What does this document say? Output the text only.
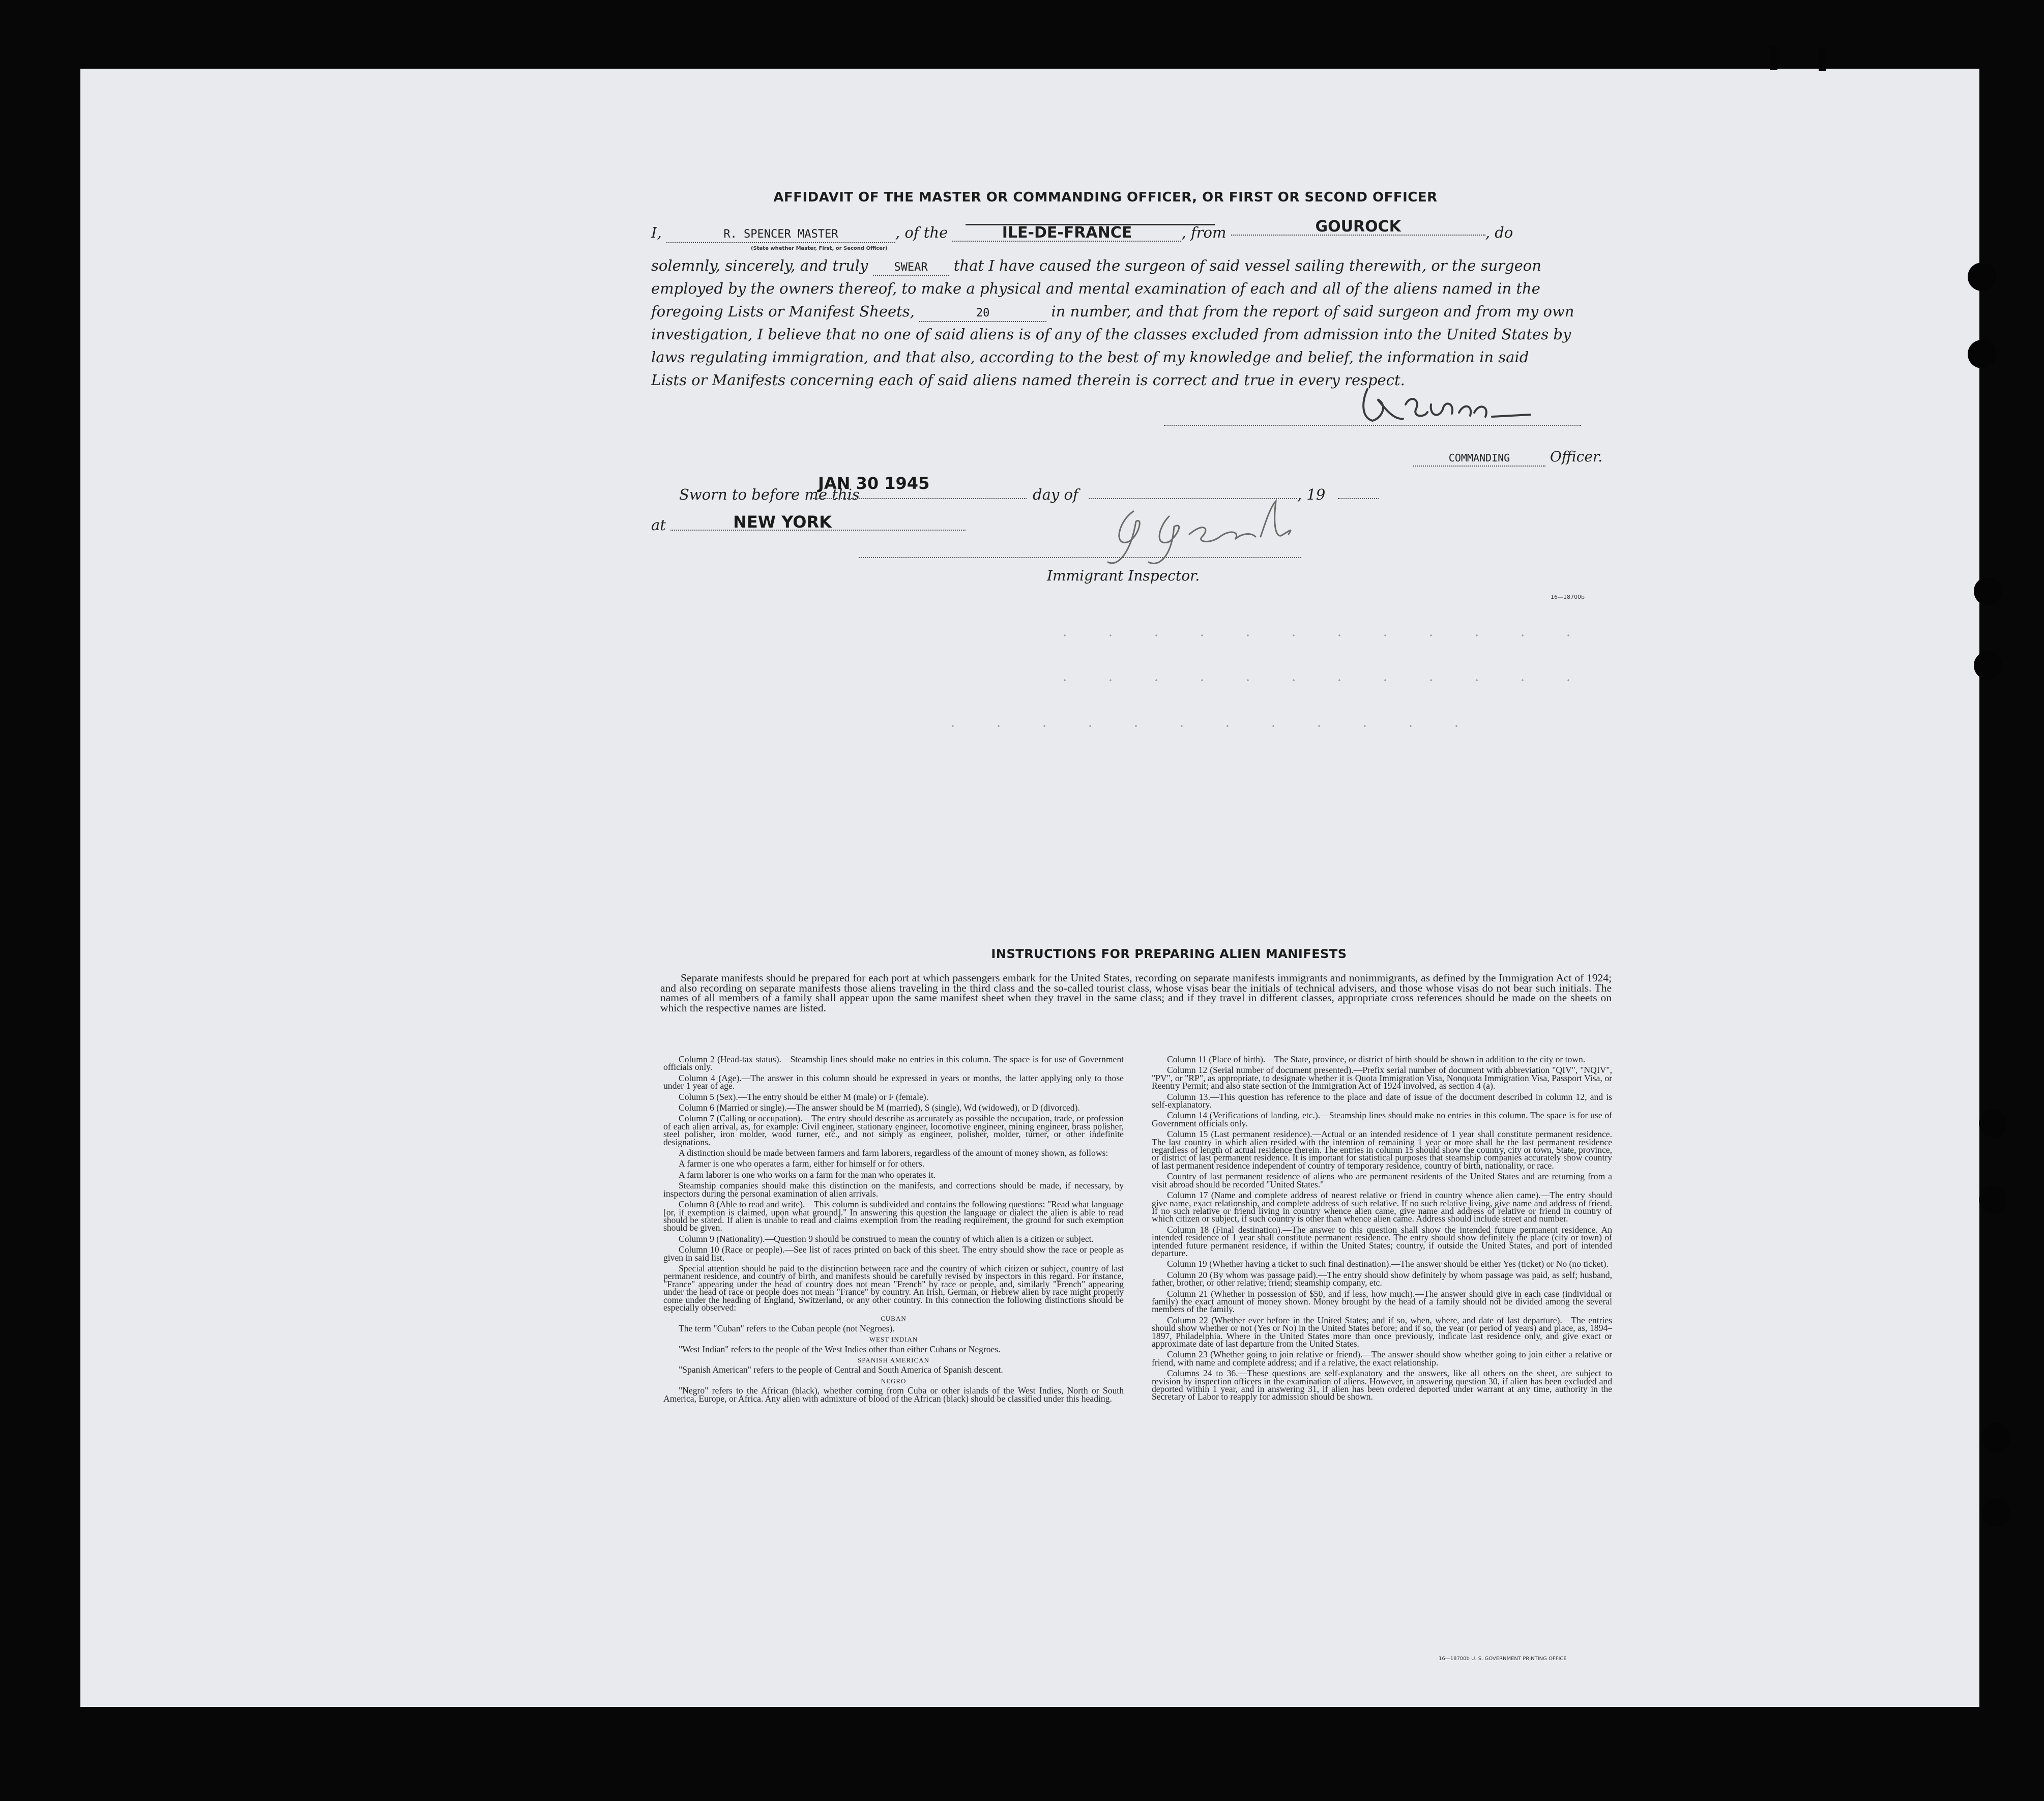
AFFIDAVIT OF THE MASTER OR COMMANDING OFFICER, OR FIRST OR SECOND OFFICER
I,	R. SPENCER MASTER	, of the	ILE-DE-FRANCE	, from	GOUROCK	, do
(State whether Master, First, or Second Officer)
solemnly, sincerely, and truly SWEAR that I have caused the surgeon of said vessel sailing therewith, or the surgeon
employed by the owners thereof, to make a physical and mental examination of each and all of the aliens named in the
foregoing Lists or Manifest Sheets,	20	in number, and that from the report of said surgeon and from my own
investigation, I believe that no one of said aliens is of any of the classes excluded from admission into the United States by
laws regulating immigration, and that also, according to the best of my knowledge and belief, the information in said
Lists or Manifests concerning each of said aliens named therein is correct and true in every respect.
COMMANDING	Officer.
Sworn to before me this
JAN 30 1945
day of	, 19
at	NEW YORK
Immigrant Inspector.
16—18700b
INSTRUCTIONS FOR PREPARING ALIEN MANIFESTS
Separate manifests should be prepared for each port at which passengers embark for the United States, recording on separate manifests immigrants and nonimmigrants, as defined by the Immigration Act of 1924; and also recording on separate manifests those aliens traveling in the third class and the so-called tourist class, whose visas bear the initials of technical advisers, and those whose visas do not bear such initials. The names of all members of a family shall appear upon the same manifest sheet when they travel in the same class; and if they travel in different classes, appropriate cross references should be made on the sheets on which the respective names are listed.

Column 2 (Head-tax status).—Steamship lines should make no entries in this column. The space is for use of Government officials only.

Column 4 (Age).—The answer in this column should be expressed in years or months, the latter applying only to those under 1 year of age.

Column 5 (Sex).—The entry should be either M (male) or F (female).

Column 6 (Married or single).—The answer should be M (married), S (single), Wd (widowed), or D (divorced).

Column 7 (Calling or occupation).—The entry should describe as accurately as possible the occupation, trade, or profession of each alien arrival, as, for example: Civil engineer, stationary engineer, locomotive engineer, mining engineer, brass polisher, steel polisher, iron molder, wood turner, etc., and not simply as engineer, polisher, molder, turner, or other indefinite designations.

A distinction should be made between farmers and farm laborers, regardless of the amount of money shown, as follows:

A farmer is one who operates a farm, either for himself or for others.

A farm laborer is one who works on a farm for the man who operates it.

Steamship companies should make this distinction on the manifests, and corrections should be made, if necessary, by inspectors during the personal examination of alien arrivals.

Column 8 (Able to read and write).—This column is subdivided and contains the following questions: "Read what language [or, if exemption is claimed, upon what ground]." In answering this question the language or dialect the alien is able to read should be stated. If alien is unable to read and claims exemption from the reading requirement, the ground for such exemption should be given.

Column 9 (Nationality).—Question 9 should be construed to mean the country of which alien is a citizen or subject.

Column 10 (Race or people).—See list of races printed on back of this sheet. The entry should show the race or people as given in said list.

Special attention should be paid to the distinction between race and the country of which citizen or subject, country of last permanent residence, and country of birth, and manifests should be carefully revised by inspectors in this regard. For instance, "France" appearing under the head of country does not mean "French" by race or people, and, similarly "French" appearing under the head of race or people does not mean "France" by country. An Irish, German, or Hebrew alien by race might properly come under the heading of England, Switzerland, or any other country. In this connection the following distinctions should be especially observed:

CUBAN

The term "Cuban" refers to the Cuban people (not Negroes).

WEST INDIAN

"West Indian" refers to the people of the West Indies other than either Cubans or Negroes.

SPANISH AMERICAN

"Spanish American" refers to the people of Central and South America of Spanish descent.

NEGRO

"Negro" refers to the African (black), whether coming from Cuba or other islands of the West Indies, North or South America, Europe, or Africa. Any alien with admixture of blood of the African (black) should be classified under this heading.

Column 11 (Place of birth).—The State, province, or district of birth should be shown in addition to the city or town.

Column 12 (Serial number of document presented).—Prefix serial number of document with abbreviation "QIV", "NQIV", "PV", or "RP", as appropriate, to designate whether it is Quota Immigration Visa, Nonquota Immigration Visa, Passport Visa, or Reentry Permit; and also state section of the Immigration Act of 1924 involved, as section 4 (a).

Column 13.—This question has reference to the place and date of issue of the document described in column 12, and is self-explanatory.

Column 14 (Verifications of landing, etc.).—Steamship lines should make no entries in this column. The space is for use of Government officials only.

Column 15 (Last permanent residence).—Actual or an intended residence of 1 year shall constitute permanent residence. The last country in which alien resided with the intention of remaining 1 year or more shall be the last permanent residence regardless of length of actual residence therein. The entries in column 15 should show the country, city or town, State, province, or district of last permanent residence. It is important for statistical purposes that steamship companies accurately show country of last permanent residence independent of country of temporary residence, country of birth, nationality, or race.

Country of last permanent residence of aliens who are permanent residents of the United States and are returning from a visit abroad should be recorded "United States."

Column 17 (Name and complete address of nearest relative or friend in country whence alien came).—The entry should give name, exact relationship, and complete address of such relative. If no such relative living, give name and address of friend. If no such relative or friend living in country whence alien came, give name and address of relative or friend in country of which citizen or subject, if such country is other than whence alien came. Address should include street and number.

Column 18 (Final destination).—The answer to this question shall show the intended future permanent residence. An intended residence of 1 year shall constitute permanent residence. The entry should show definitely the place (city or town) of intended future permanent residence, if within the United States; country, if outside the United States, and port of intended departure.

Column 19 (Whether having a ticket to such final destination).—The answer should be either Yes (ticket) or No (no ticket).

Column 20 (By whom was passage paid).—The entry should show definitely by whom passage was paid, as self; husband, father, brother, or other relative; friend; steamship company, etc.

Column 21 (Whether in possession of $50, and if less, how much).—The answer should give in each case (individual or family) the exact amount of money shown. Money brought by the head of a family should not be divided among the several members of the family.

Column 22 (Whether ever before in the United States; and if so, when, where, and date of last departure).—The entries should show whether or not (Yes or No) in the United States before; and if so, the year (or period of years) and place, as, 1894–1897, Philadelphia. Where in the United States more than once previously, indicate last residence only, and give exact or approximate date of last departure from the United States.

Column 23 (Whether going to join relative or friend).—The answer should show whether going to join either a relative or friend, with name and complete address; and if a relative, the exact relationship.

Columns 24 to 36.—These questions are self-explanatory and the answers, like all others on the sheet, are subject to revision by inspection officers in the examination of aliens. However, in answering question 30, if alien has been excluded and deported within 1 year, and in answering 31, if alien has been ordered deported under warrant at any time, authority in the Secretary of Labor to reapply for admission should be shown.

16—18700b U. S. GOVERNMENT PRINTING OFFICE
